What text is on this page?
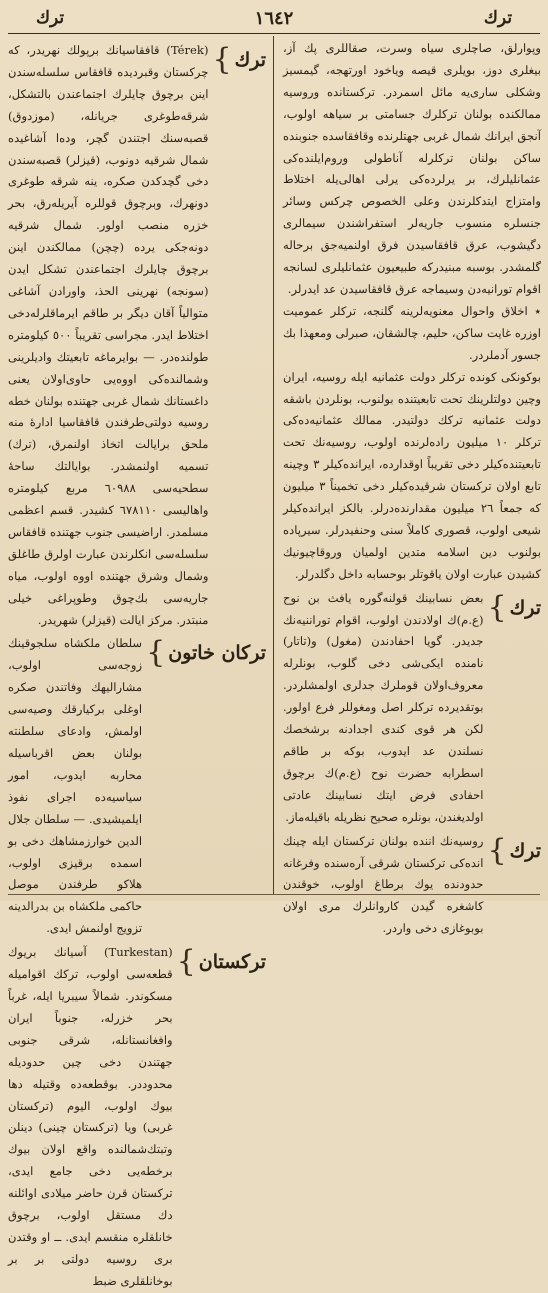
ترك	١٦٤٢	ترك

وپوارلق، صاچلری سیاه وسرت، صقاللری پك آز، بیغلری دوز، بویلری قیصه ویاخود اورتهجه، گیمسیز وشكلی ساری‌یه مائل اسمردر. تركستانده وروسیه ممالكنده بولنان تركلرك جسامتی بر سیاهه اولوب، آنجق ایرانك شمال غربی جهتلرنده وقافقاسده جنوبنده ساكن بولنان تركلرله آناطولی وروم‌ایلنده‌كی عثمانلیلرك، بر یرلرده‌كی یرلی اهالی‌یله اختلاط وامتزاج ایتدكلرندن وعلی الخصوص چركس وسائر جنسلره منسوب جاریه‌لر استفراشندن سیمالری دگیشوب، عرق قافقاسیدن فرق اولنمیه‌جق برحاله گلمشدر. بوسبه مبنیدركه طبیعیون عثمانلیلری لسانجه اقوام تورانیه‌دن وسیماجه عرق قافقاسیدن عد ایدرلر.

٭ اخلاق واحوال معنویه‌لرینه گلنجه، تركلر عمومیت اوزره غایت ساكن، حلیم، چالشقان، صبرلی ومعهذا بك جسور آدملردر.

بوكونكی كونده تركلر دولت عثمانیه ایله روسیه، ایران وچین دولتلرینك تحت تابعیتنده بولنوب، بونلردن باشقه دولت عثمانیه تركك دولتیدر. ممالك عثمانیه‌ده‌كی تركلر ١٠ میلیون راده‌لرنده اولوب، روسیه‌نك تحت تابعیتنده‌كیلر دخی تقریباً اوقدارده، ایرانده‌كیلر ٣ وچینه تابع اولان تركستان شرقیده‌كیلر دخی تخمیناً ٣ میلیون كه جمعاً ٢٦ میلیون مقدارنده‌درلر. بالكز ایرانده‌كیلر شیعی اولوب، قصوری كاملاً سنی وحنفیدرلر. سیرپاده بولنوب دین اسلامه متدین اولمیان وروقاچیونیك كشیدن عبارت اولان یاقوتلر بوحسابه داخل دگلدرلر.

ترك
}
بعض نسابینك قولنه‌گوره یافث بن نوح (ع.م)ك اولادندن اولوب، اقوام توراننیه‌نك جدیدر. گویا احفادندن (مغول) و(تاتار) نامنده ایكی‌شی دخی گلوب، بونلرله معروف‌اولان قوملرك جدلری اولمشلردر. بوتقدیرده تركلر اصل ومغوللر فرع اولور. لكن هر قوی كندی اجدادنه برشخصك نسلندن عد ایدوب، بوكه بر طاقم اسطرابه حضرت نوح (ع.م)ك برچوق احفادی فرض ایتك نسابینك عادتی اولدیغندن، بونلره صحیح نظریله باقیله‌ماز.
ترك
}
روسیه‌نك اننده بولنان تركستان ایله چینك انده‌كی تركستان شرقی آره‌سنده وفرغانه حدودنده یوك برطاغ اولوب، خوقندن كاشغره گیدن كاروانلرك مری اولان بوبوغازی دخی واردر.
ترك
}
(Térek) قافقاسیانك برپولك نهریدر، كه چركستان وقبردیده قافقاس سلسله‌سندن اینن برچوق چایلرك اجتماعندن بالتشكل، شرقه‌طوغری جریانله، (موزدوق) قصبه‌سنك اجتندن گچر، وده‌ا آشاغیده شمال شرقیه دونوب، (قیزلر) قصبه‌سندن دخی گچدكدن صكره، ینه شرقه طوغری دونهرك، وبرچوق قوللره آیریله‌رق، بحر خزره منصب اولور. شمال شرقیه دونه‌جكی یرده (چچن) ممالكندن اینن برچوق چایلرك اجتماعندن تشكل ایدن (سونجه) نهرینی الحذ، واورادن آشاغی متوالیاً آقان دیگر بر طاقم ایرماقلرله‌دخی اختلاط ایدر. مجراسی تقریباً ٥٠٠ كیلومتره طولنده‌در. — بوایرماغه تابعیتك وادیلرینی وشمالنده‌كی اووه‌یی حاوی‌اولان یعنی داغستانك شمال غربی جهتنده بولنان خطه روسیه دولتی‌طرفندن قافقاسیا ادارهٔ منه ملحق برایالت اتخاذ اولنمرق، (ترك) تسمیه اولنمشدر. بوایالتك ساحهٔ سطحیه‌سی ٦٠٩٨٨ مربع كیلومتره واهالیسی ٦٧٨١١٠ كشیدر. قسم اعظمی مسلمدر. اراضیسی جنوب جهتنده قافقاس سلسله‌سی انكلرندن عبارت اولرق طاغلق وشمال وشرق جهتنده اووه اولوب، میاه جاریه‌سی بك‌چوق وطوپراغی خیلی منبتدر. مركز ایالت (قیزلر) شهریدر.
تركان خاتون
}
سلطان ملكشاه سلجوقینك زوجه‌سی اولوب، مشاراليهك وفاتندن صكره اوغلی بركیارقك وصیه‌سی اولمش، وادعای سلطنته بولنان بعض اقرباسیله محاربه ایدوب، امور سیاسیه‌ده اجرای نفوذ ایلمیشیدی. — سلطان جلال الدین خوارزمشاهك دخی بو اسمده برقیزی اولوب، هلاكو طرفندن موصل حاكمی ملكشاه بن بدرالدینه تزویج اولنمش ایدی.
تركستان
}
(Turkestan) آسیانك بریوك قطعه‌سی اولوب، تركك اقوامیله مسكوندر. شمالاً سیبریا ایله، غرباً بحر خزرله، جنوباً ایران وافغانستانله، شرقی جنوبی جهتندن دخی چین حدودیله محدوددر. بوقطعه‌ده وقتیله دها بیوك اولوب، الیوم (تركستان غربی) ویا (تركستان چینی) دینلن وتبتك‌شمالنده واقع اولان بیوك برخطه‌یی دخی جامع ایدی، تركستان قرن حاضر میلادی اوائلنه دك مستقل اولوب، برچوق خانلقلره منقسم ایدی. ــ او وقتدن بری روسیه دولتی بر بر بوخانلقلری ضبط
